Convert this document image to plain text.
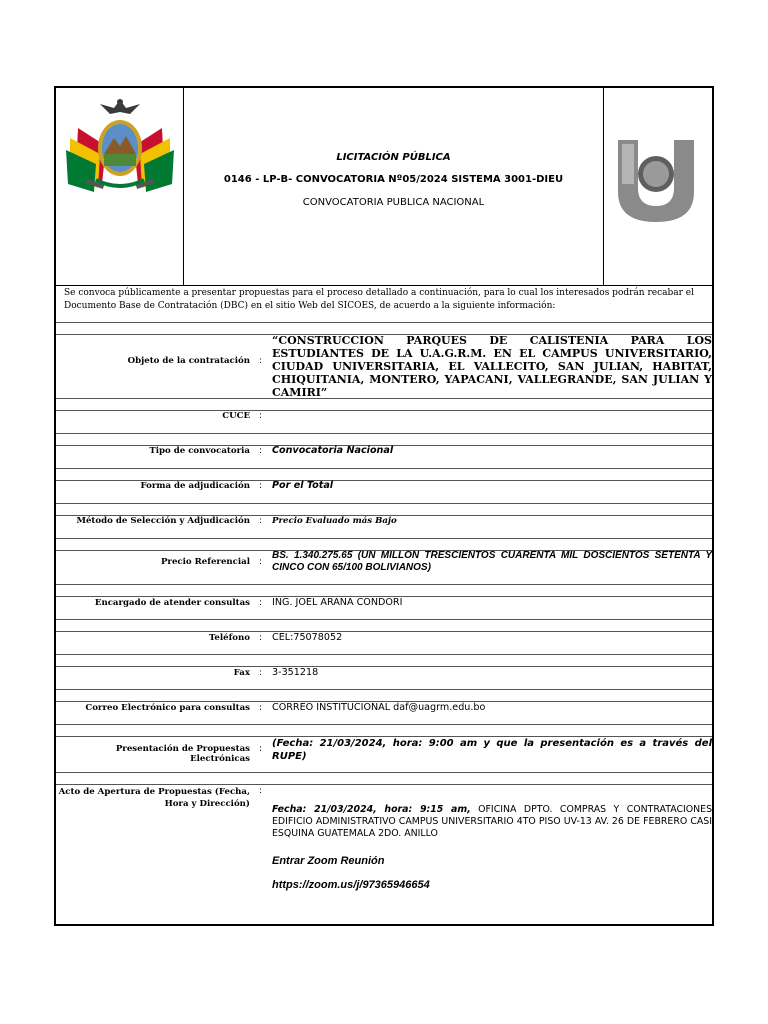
LICITACIÓN PÚBLICA
0146 - LP-B- CONVOCATORIA Nº05/2024 SISTEMA 3001-DIEU
CONVOCATORIA PUBLICA NACIONAL
Se convoca públicamente a presentar propuestas para el proceso detallado a continuación, para lo cual los interesados podrán recabar el Documento Base de Contratación (DBC) en el sitio Web del SICOES, de acuerdo a la siguiente información:
Objeto de la contratación :
“CONSTRUCCION PARQUES DE CALISTENIA PARA LOS ESTUDIANTES DE LA U.A.G.R.M. EN EL CAMPUS UNIVERSITARIO, CIUDAD UNIVERSITARIA, EL VALLECITO, SAN JULIAN, HABITAT, CHIQUITANIA, MONTERO, YAPACANI, VALLEGRANDE, SAN JULIAN Y CAMIRI”
CUCE :
Tipo de convocatoria : Convocatoria Nacional
Forma de adjudicación : Por el Total
Método de Selección y Adjudicación : Precio Evaluado más Bajo
Precio Referencial :
BS. 1.340.275.65 (UN MILLON TRESCIENTOS CUARENTA MIL DOSCIENTOS SETENTA Y CINCO CON 65/100 BOLIVIANOS)
Encargado de atender consultas : ING. JOEL ARANA CONDORI
Teléfono : CEL:75078052
Fax : 3-351218
Correo Electrónico para consultas : CORREO INSTITUCIONAL daf@uagrm.edu.bo
Presentación de Propuestas Electrónicas
: (Fecha: 21/03/2024, hora: 9:00 am y que la presentación es a través del RUPE)
Acto de Apertura de Propuestas (Fecha,
Hora y Dirección)
:
Fecha: 21/03/2024, hora: 9:15 am, OFICINA DPTO. COMPRAS Y CONTRATACIONES EDIFICIO ADMINISTRATIVO CAMPUS UNIVERSITARIO 4TO PISO UV-13 AV. 26 DE FEBRERO CASI ESQUINA GUATEMALA 2DO. ANILLO
Entrar Zoom Reunión
https://zoom.us/j/97365946654
